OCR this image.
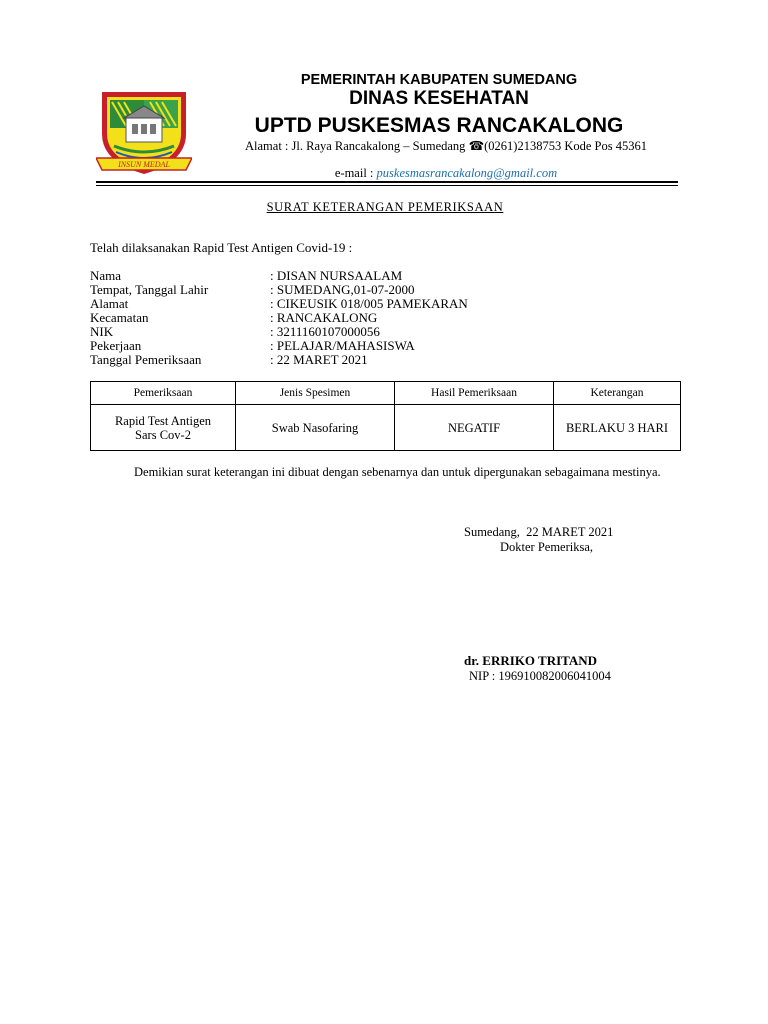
INSUN MEDAL
PEMERINTAH KABUPATEN SUMEDANG
DINAS KESEHATAN
UPTD PUSKESMAS RANCAKALONG
Alamat : Jl. Raya Rancakalong – Sumedang ☎(0261)2138753 Kode Pos 45361
e-mail : puskesmasrancakalong@gmail.com
SURAT KETERANGAN PEMERIKSAAN
Telah dilaksanakan Rapid Test Antigen Covid-19 :
Nama	: DISAN NURSAALAM
Tempat, Tanggal Lahir	: SUMEDANG,01-07-2000
Alamat	: CIKEUSIK 018/005 PAMEKARAN
Kecamatan	: RANCAKALONG
NIK	: 3211160107000056
Pekerjaan	: PELAJAR/MAHASISWA
Tanggal Pemeriksaan	: 22 MARET 2021
Pemeriksaan	Jenis Spesimen	Hasil Pemeriksaan	Keterangan

Rapid Test Antigen
Sars Cov-2	Swab Nasofaring	NEGATIF	BERLAKU 3 HARI
Demikian surat keterangan ini dibuat dengan sebenarnya dan untuk dipergunakan sebagaimana mestinya.
Sumedang,  22 MARET 2021
Dokter Pemeriksa,
dr. ERRIKO TRITAND
NIP : 196910082006041004
